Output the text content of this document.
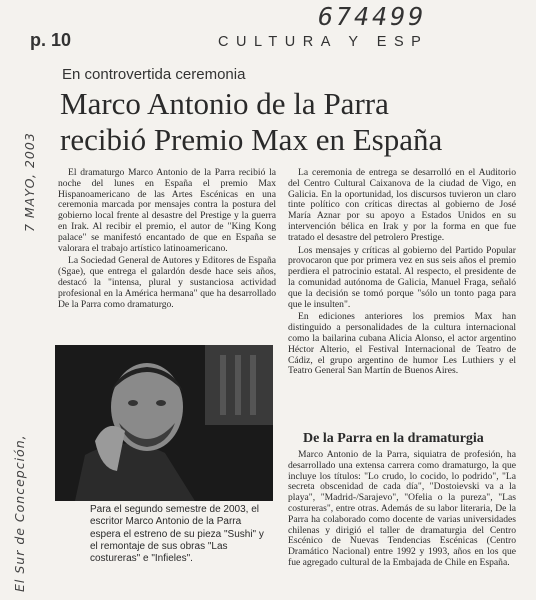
674499
p. 10	CULTURA Y ESP
7 MAYO, 2003
El Sur de Concepción,
En controvertida ceremonia
Marco Antonio de la Parra
recibió Premio Max en España

El dramaturgo Marco Antonio de la Parra recibió la noche del lunes en España el premio Max Hispanoamericano de las Artes Escénicas en una ceremonia marcada por mensajes contra la postura del gobierno local frente al desastre del Prestige y la guerra en Irak. Al recibir el premio, el autor de "King Kong palace" se manifestó encantado de que en España se valorara el trabajo artístico latinoamericano.

La Sociedad General de Autores y Editores de España (Sgae), que entrega el galardón desde hace seis años, destacó la "intensa, plural y sustanciosa actividad profesional en la América hermana" que ha desarrollado De la Parra como dramaturgo.

Para el segundo semestre de 2003, el escritor Marco Antonio de la Parra espera el estreno de su pieza "Sushi" y el remontaje de sus obras "Las costureras" e "Infieles".

La ceremonia de entrega se desarrolló en el Auditorio del Centro Cultural Caixanova de la ciudad de Vigo, en Galicia. En la oportunidad, los discursos tuvieron un claro tinte político con críticas directas al gobierno de José María Aznar por su apoyo a Estados Unidos en su intervención bélica en Irak y por la forma en que fue tratado el desastre del petrolero Prestige.

Los mensajes y críticas al gobierno del Partido Popular provocaron que por primera vez en sus seis años el premio perdiera el patrocinio estatal. Al respecto, el presidente de la comunidad autónoma de Galicia, Manuel Fraga, señaló que la decisión se tomó porque "sólo un tonto paga para que le insulten".

En ediciones anteriores los premios Max han distinguido a personalidades de la cultura internacional como la bailarina cubana Alicia Alonso, el actor argentino Héctor Alterio, el Festival Internacional de Teatro de Cádiz, el grupo argentino de humor Les Luthiers y el Teatro General San Martín de Buenos Aires.

De la Parra en la dramaturgia

Marco Antonio de la Parra, siquiatra de profesión, ha desarrollado una extensa carrera como dramaturgo, la que incluye los títulos: "Lo crudo, lo cocido, lo podrido", "La secreta obscenidad de cada día", "Dostoievski va a la playa", "Madrid-/Sarajevo", "Ofelia o la pureza", "Las costureras", entre otras. Además de su labor literaria, De la Parra ha colaborado como docente de varias universidades chilenas y dirigió el taller de dramaturgia del Centro Escénico de Nuevas Tendencias Escénicas (Centro Dramático Nacional) entre 1992 y 1993, años en los que fue agregado cultural de la Embajada de Chile en España.
